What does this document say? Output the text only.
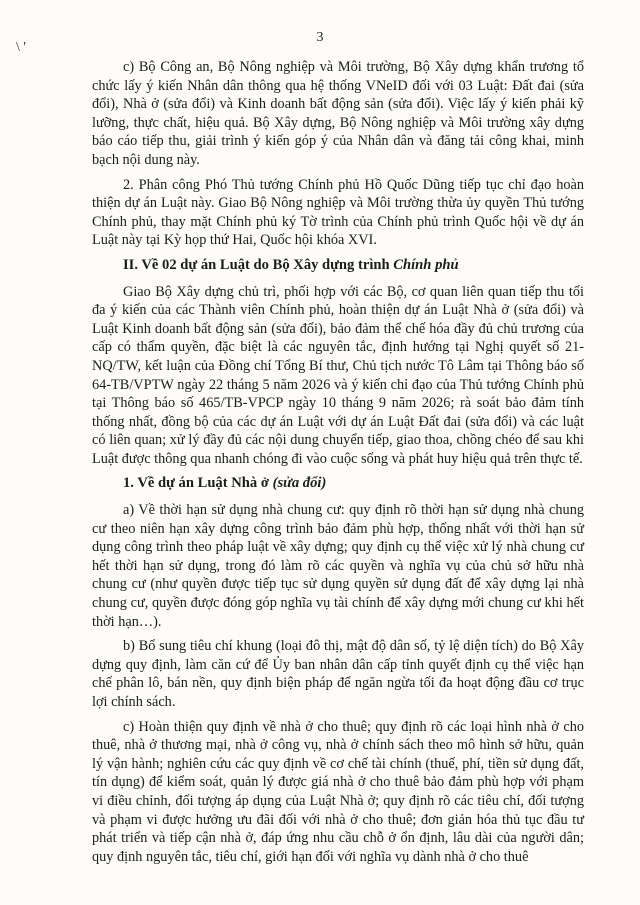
3
\ '

c) Bộ Công an, Bộ Nông nghiệp và Môi trường, Bộ Xây dựng khẩn trương tổ chức lấy ý kiến Nhân dân thông qua hệ thống VNeID đối với 03 Luật: Đất đai (sửa đổi), Nhà ở (sửa đổi) và Kinh doanh bất động sản (sửa đổi). Việc lấy ý kiến phải kỹ lưỡng, thực chất, hiệu quả. Bộ Xây dựng, Bộ Nông nghiệp và Môi trường xây dựng báo cáo tiếp thu, giải trình ý kiến góp ý của Nhân dân và đăng tải công khai, minh bạch nội dung này.

2. Phân công Phó Thủ tướng Chính phủ Hồ Quốc Dũng tiếp tục chỉ đạo hoàn thiện dự án Luật này. Giao Bộ Nông nghiệp và Môi trường thừa ủy quyền Thủ tướng Chính phủ, thay mặt Chính phủ ký Tờ trình của Chính phủ trình Quốc hội về dự án Luật này tại Kỳ họp thứ Hai, Quốc hội khóa XVI.

II. Về 02 dự án Luật do Bộ Xây dựng trình Chính phủ

Giao Bộ Xây dựng chủ trì, phối hợp với các Bộ, cơ quan liên quan tiếp thu tối đa ý kiến của các Thành viên Chính phủ, hoàn thiện dự án Luật Nhà ở (sửa đổi) và Luật Kinh doanh bất động sản (sửa đổi), bảo đảm thể chế hóa đầy đủ chủ trương của cấp có thẩm quyền, đặc biệt là các nguyên tắc, định hướng tại Nghị quyết số 21-NQ/TW, kết luận của Đồng chí Tổng Bí thư, Chủ tịch nước Tô Lâm tại Thông báo số 64-TB/VPTW ngày 22 tháng 5 năm 2026 và ý kiến chỉ đạo của Thủ tướng Chính phủ tại Thông báo số 465/TB-VPCP ngày 10 tháng 9 năm 2026; rà soát bảo đảm tính thống nhất, đồng bộ của các dự án Luật với dự án Luật Đất đai (sửa đổi) và các luật có liên quan; xử lý đầy đủ các nội dung chuyển tiếp, giao thoa, chồng chéo để sau khi Luật được thông qua nhanh chóng đi vào cuộc sống và phát huy hiệu quả trên thực tế.

1. Về dự án Luật Nhà ở (sửa đổi)

a) Về thời hạn sử dụng nhà chung cư: quy định rõ thời hạn sử dụng nhà chung cư theo niên hạn xây dựng công trình bảo đảm phù hợp, thống nhất với thời hạn sử dụng công trình theo pháp luật về xây dựng; quy định cụ thể việc xử lý nhà chung cư hết thời hạn sử dụng, trong đó làm rõ các quyền và nghĩa vụ của chủ sở hữu nhà chung cư (như quyền được tiếp tục sử dụng quyền sử dụng đất để xây dựng lại nhà chung cư, quyền được đóng góp nghĩa vụ tài chính để xây dựng mới chung cư khi hết thời hạn…).

b) Bổ sung tiêu chí khung (loại đô thị, mật độ dân số, tỷ lệ diện tích) do Bộ Xây dựng quy định, làm căn cứ để Ủy ban nhân dân cấp tỉnh quyết định cụ thể việc hạn chế phân lô, bán nền, quy định biện pháp để ngăn ngừa tối đa hoạt động đầu cơ trục lợi chính sách.

c) Hoàn thiện quy định về nhà ở cho thuê; quy định rõ các loại hình nhà ở cho thuê, nhà ở thương mại, nhà ở công vụ, nhà ở chính sách theo mô hình sở hữu, quản lý vận hành; nghiên cứu các quy định về cơ chế tài chính (thuế, phí, tiền sử dụng đất, tín dụng) để kiểm soát, quản lý được giá nhà ở cho thuê bảo đảm phù hợp với phạm vi điều chỉnh, đối tượng áp dụng của Luật Nhà ở; quy định rõ các tiêu chí, đối tượng và phạm vi được hưởng ưu đãi đối với nhà ở cho thuê; đơn giản hóa thủ tục đầu tư phát triển và tiếp cận nhà ở, đáp ứng nhu cầu chỗ ở ổn định, lâu dài của người dân; quy định nguyên tắc, tiêu chí, giới hạn đối với nghĩa vụ dành nhà ở cho thuê
